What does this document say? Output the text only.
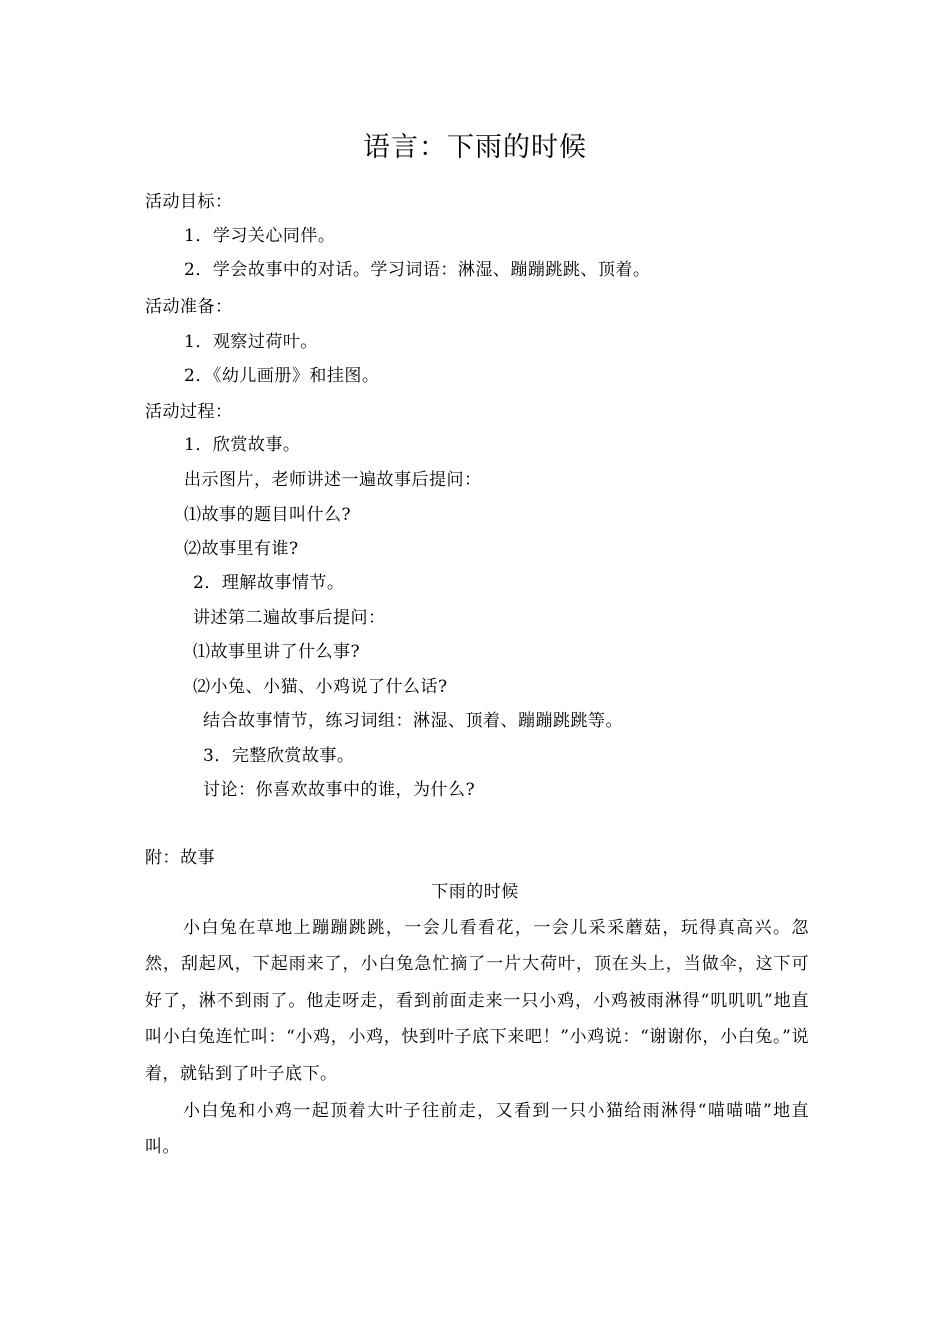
语言：下雨的时候
活动目标：
1．学习关心同伴。
2．学会故事中的对话。学习词语：淋湿、蹦蹦跳跳、顶着。
活动准备：
1．观察过荷叶。
2．《幼儿画册》和挂图。
活动过程：
1．欣赏故事。
出示图片，老师讲述一遍故事后提问：
⑴故事的题目叫什么?
⑵故事里有谁?
2．理解故事情节。
讲述第二遍故事后提问：
⑴故事里讲了什么事?
⑵小兔、小猫、小鸡说了什么话?
结合故事情节，练习词组：淋湿、顶着、蹦蹦跳跳等。
3．完整欣赏故事。
讨论：你喜欢故事中的谁，为什么?
附：故事
下雨的时候
小白兔在草地上蹦蹦跳跳，一会儿看看花，一会儿采采蘑菇，玩得真高兴。忽然，刮起风，下起雨来了，小白兔急忙摘了一片大荷叶，顶在头上，当做伞，这下可好了，淋不到雨了。他走呀走，看到前面走来一只小鸡，小鸡被雨淋得“叽叽叽”地直叫小白兔连忙叫：“小鸡，小鸡，快到叶子底下来吧！”小鸡说：“谢谢你，小白兔。”说着，就钻到了叶子底下。
小白兔和小鸡一起顶着大叶子往前走，又看到一只小猫给雨淋得“喵喵喵”地直叫。
